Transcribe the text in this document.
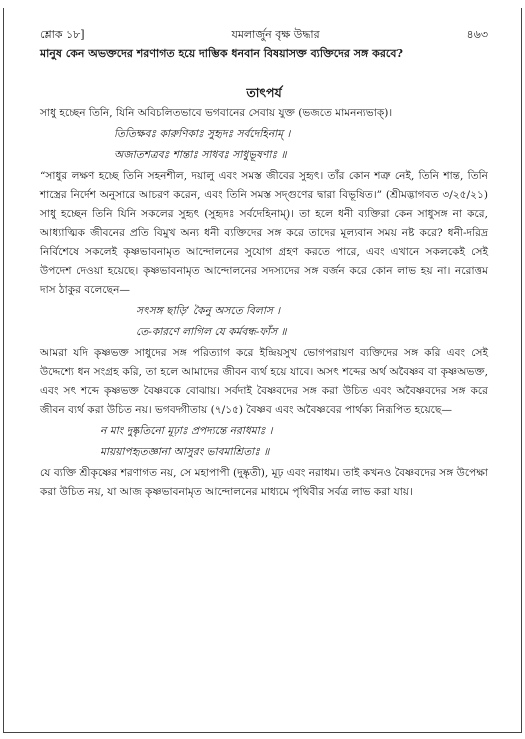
শ্লোক ১৮]	যমলার্জুন বৃক্ষ উদ্ধার	৪৬৩

মানুষ কেন অভক্তদের শরণাগত হয়ে দাম্ভিক ধনবান বিষয়াসক্ত ব্যক্তিদের সঙ্গ করবে?

তাৎপর্য

সাধু হচ্ছেন তিনি, যিনি অবিচলিতভাবে ভগবানের সেবায় যুক্ত (ভজতে মামনন্যভাক্)।

তিতিক্ষবঃ কারুণিকাঃ সুহৃদঃ সর্বদেহিনাম্ ।
অজাতশত্রবঃ শান্তাঃ সাধবঃ সাধুভূষণাঃ ॥

“সাধুর লক্ষণ হচ্ছে তিনি সহনশীল, দয়ালু এবং সমস্ত জীবের সুহৃৎ। তাঁর কোন শত্রু নেই, তিনি শান্ত, তিনি শাস্ত্রের নির্দেশ অনুসারে আচরণ করেন, এবং তিনি সমস্ত সদ্গুণের দ্বারা বিভূষিত।” (শ্রীমদ্ভাগবত ৩/২৫/২১) সাধু হচ্ছেন তিনি যিনি সকলের সুহৃৎ (সুহৃদঃ সর্বদেহিনাম্)। তা হলে ধনী ব্যক্তিরা কেন সাধুসঙ্গ না করে, আধ্যাত্মিক জীবনের প্রতি বিমুখ অন্য ধনী ব্যক্তিদের সঙ্গ করে তাদের মূল্যবান সময় নষ্ট করে? ধনী-দরিদ্র নির্বিশেষে সকলেই কৃষ্ণভাবনামৃত আন্দোলনের সুযোগ গ্রহণ করতে পারে, এবং এখানে সকলকেই সেই উপদেশ দেওয়া হয়েছে। কৃষ্ণভাবনামৃত আন্দোলনের সদস্যদের সঙ্গ বর্জন করে কোন লাভ হয় না। নরোত্তম দাস ঠাকুর বলেছেন—

সৎসঙ্গ ছাড়ি’ কৈনু অসতে বিলাস ।
তে-কারণে লাগিল যে কর্মবন্ধ-ফাঁস ॥

আমরা যদি কৃষ্ণভক্ত সাধুদের সঙ্গ পরিত্যাগ করে ইন্দ্রিয়সুখ ভোগপরায়ণ ব্যক্তিদের সঙ্গ করি এবং সেই উদ্দেশ্যে ধন সংগ্রহ করি, তা হলে আমাদের জীবন ব্যর্থ হয়ে যাবে। অসৎ শব্দের অর্থ অবৈষ্ণব বা কৃষ্ণঅভক্ত, এবং সৎ শব্দে কৃষ্ণভক্ত বৈষ্ণবকে বোঝায়। সর্বদাই বৈষ্ণবদের সঙ্গ করা উচিত এবং অবৈষ্ণবদের সঙ্গ করে জীবন ব্যর্থ করা উচিত নয়। ভগবদ্গীতায় (৭/১৫) বৈষ্ণব এবং অবৈষ্ণবের পার্থক্য নিরূপিত হয়েছে—

ন মাং দুষ্কৃতিনো মূঢ়াঃ প্রপদ্যন্তে নরাধমাঃ ।
মায়য়াপহৃতজ্ঞানা আসুরং ভাবমাশ্রিতাঃ ॥

যে ব্যক্তি শ্রীকৃষ্ণের শরণাগত নয়, সে মহাপাপী (দুষ্কৃতী), মূঢ় এবং নরাধম। তাই কখনও বৈষ্ণবদের সঙ্গ উপেক্ষা করা উচিত নয়, যা আজ কৃষ্ণভাবনামৃত আন্দোলনের মাধ্যমে পৃথিবীর সর্বত্র লাভ করা যায়।
